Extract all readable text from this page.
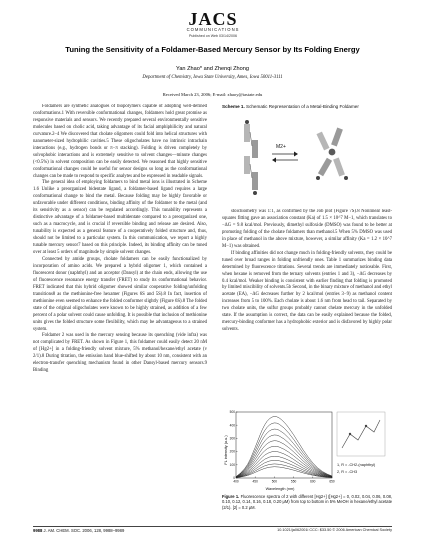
JACS
COMMUNICATIONS
Published on Web 03/14/2006
Tuning the Sensitivity of a Foldamer-Based Mercury Sensor by Its Folding Energy
Yan Zhao* and Zhenqi Zhong
Department of Chemistry, Iowa State University, Ames, Iowa 50011-3111
Received March 23, 2006; E-mail: zhaoy@iastate.edu

Foldamers are synthetic analogues of biopolymers capable of adopting well-defined conformations.1 With reversible conformational changes, foldamers hold great promise as responsive materials and sensors. We recently prepared several environmentally sensitive molecules based on cholic acid, taking advantage of its facial amphiphilicity and natural curvature.2–4 We discovered that cholate oligomers could fold into helical structures with nanometer-sized hydrophilic cavities.5 These oligocholates have no intrinsic intrachain interactions (e.g., hydrogen bonds or π−π stacking). Folding is driven completely by solvophobic interactions and is extremely sensitive to solvent changes—minute changes (<0.5%) in solvent composition can be easily detected. We reasoned that highly sensitive conformational changes could be useful for sensor designs so long as the conformational changes can be made to respond to specific analytes and be expressed in readable signals.

The general idea of employing foldamers to bind metal ions is illustrated in Scheme 1.6 Unlike a preorganized bidentate ligand, a foldamer-based ligand requires a large conformational change to bind the metal. Because folding may be highly favorable or unfavorable under different conditions, binding affinity of the foldamer to the metal (and its sensitivity as a sensor) can be regulated accordingly. This tunability represents a distinctive advantage of a foldamer-based multidentate compared to a preorganized one, such as a macrocycle, and is crucial if reversible binding and release are desired. Also, tunability is expected as a general feature of a cooperatively folded structure and, thus, should not be limited to a particular system. In this communication, we report a highly tunable mercury sensor7 based on this principle. Indeed, its binding affinity can be tuned over at least 5 orders of magnitude by simple solvent changes.

Connected by amide groups, cholate foldamers can be easily functionalized by incorporation of amino acids. We prepared a hybrid oligomer 1, which contained a fluorescent donor (naphthyl) and an acceptor (Dansyl) at the chain ends, allowing the use of fluorescence resonance energy transfer (FRET) to study its conformational behavior. FRET indicated that this hybrid oligomer showed similar cooperative folding/unfolding transitions8 as the methionine-free hexamer (Figures 6S and 5S).8 In fact, insertion of methionine even seemed to enhance the folded conformer slightly (Figure 6S).8 The folded state of the original oligocholates were known to be highly strained, as addition of a few percent of a polar solvent could cause unfolding. It is possible that inclusion of methionine units gives the folded structure some flexibility, which may be advantageous to a strained system.

Foldamer 2 was used in the mercury sensing because its quenching (vide infra) was not complicated by FRET. As shown in Figure 1, this foldamer could easily detect 20 nM of [Hg2+] in a folding-friendly solvent mixture, 5% methanol/hexane/ethyl acetate (v 2/1).8 During titration, the emission band blue-shifted by about 10 nm, consistent with an electron-transfer quenching mechanism found in other Dansyl-based mercury sensors.9 Binding

Scheme 1. Schematic Representation of a Metal-Binding Foldamer
M2+

stoichiometry was 1:1, as confirmed by the Job plot (Figure 7S).8 Nonlinear least-squares fitting gave an association constant (Ka) of 1.5 × 10^7 M−1, which translates to −ΔG = 9.8 kcal/mol. Previously, dimethyl sulfoxide (DMSO) was found to be better at promoting folding of the cholate foldamers than methanol.5 When 5% DMSO was used in place of methanol in the above mixture, however, a similar affinity (Ka = 1.2 × 10^7 M−1) was obtained.

If binding affinities did not change much in folding-friendly solvents, they could be tuned over broad ranges in folding unfriendly ones. Table 1 summarizes binding data determined by fluorescence titrations. Several trends are immediately noticeable. First, when hexane is removed from the ternary solvents (entries 1 and 3), −ΔG decreases by 0.4 kcal/mol. Weaker binding is consistent with earlier finding that folding is promoted by limited miscibility of solvents.5b Second, in the binary mixture of methanol and ethyl acetate (EA), −ΔG decreases further by 2 kcal/mol (entries 3−9) as methanol content increases from 5 to 100%. Each cholate is about 1.6 nm from head to tail. Separated by two cholate units, the sulfur groups probably cannot chelate mercury in the unfolded state. If the assumption is correct, the data can be easily explained because the folded, mercury-binding conformer has a hydrophobic exterior and is disfavored by highly polar solvents.

400	450	500	550	600	650
0
100
200
300
400
500
FL intensity (a.u.)
Wavelength (nm)
1, R = -CH2-(naphthyl)
2, R = -CH3
Figure 1. Fluorescence spectra of 2 with different [Hg2+] ([Hg2+] = 0, 0.02, 0.04, 0.06, 0.08, 0.10, 0.12, 0.14, 0.16, 0.18, 0.20 μM) from top to bottom in 5% MeOH in hexane/ethyl acetate (2/1). [2] = 0.2 μM.
9988 J. AM. CHEM. SOC. 2006, 128, 9988–9989	10.1021/ja062001i CCC: $33.50 © 2006 American Chemical Society
